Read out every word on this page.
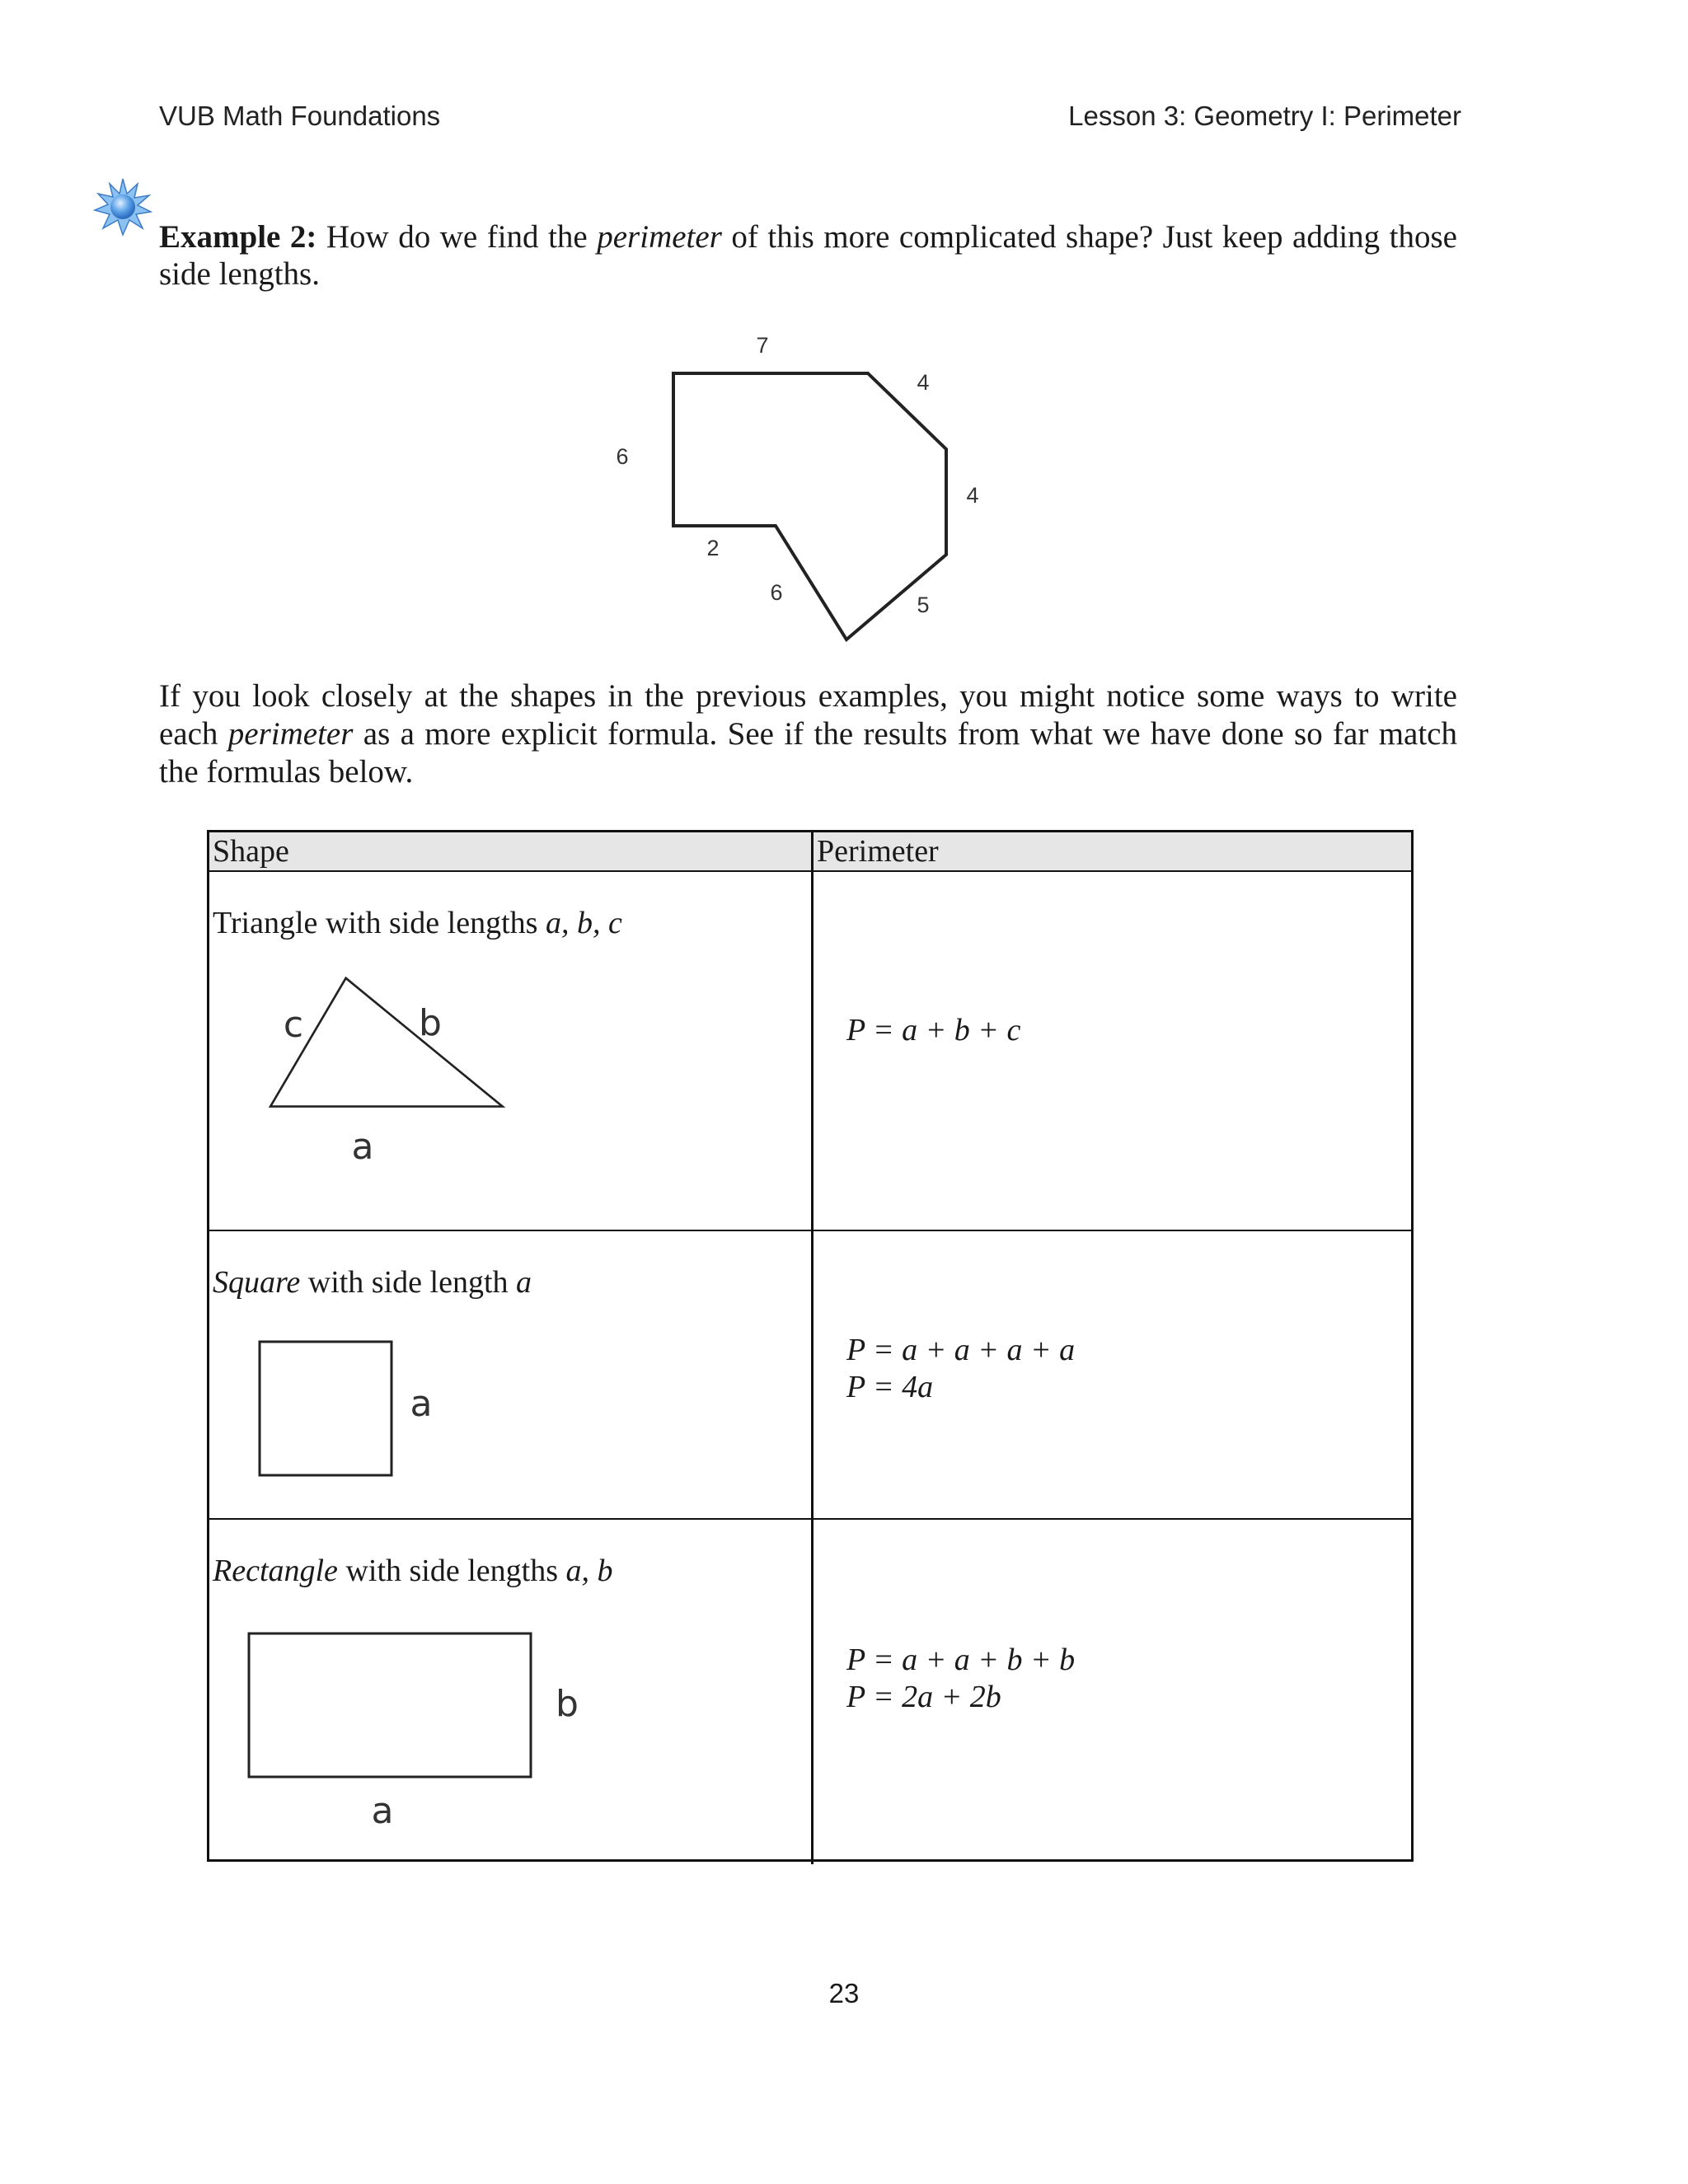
VUB Math Foundations	Lesson 3: Geometry I: Perimeter
Example 2: How do we find the perimeter of this more complicated shape? Just keep adding those side lengths.
7
4
4
5
6
2
6
If you look closely at the shapes in the previous examples, you might notice some ways to write each perimeter as a more explicit formula. See if the results from what we have done so far match the formulas below.
Shape	Perimeter
Triangle with side lengths a, b, c
c	b
a
P = a + b + c
Square with side length a
a
P = a + a + a + a
P = 4a
Rectangle with side lengths a, b
b
a
P = a + a + b + b
P = 2a + 2b
23
